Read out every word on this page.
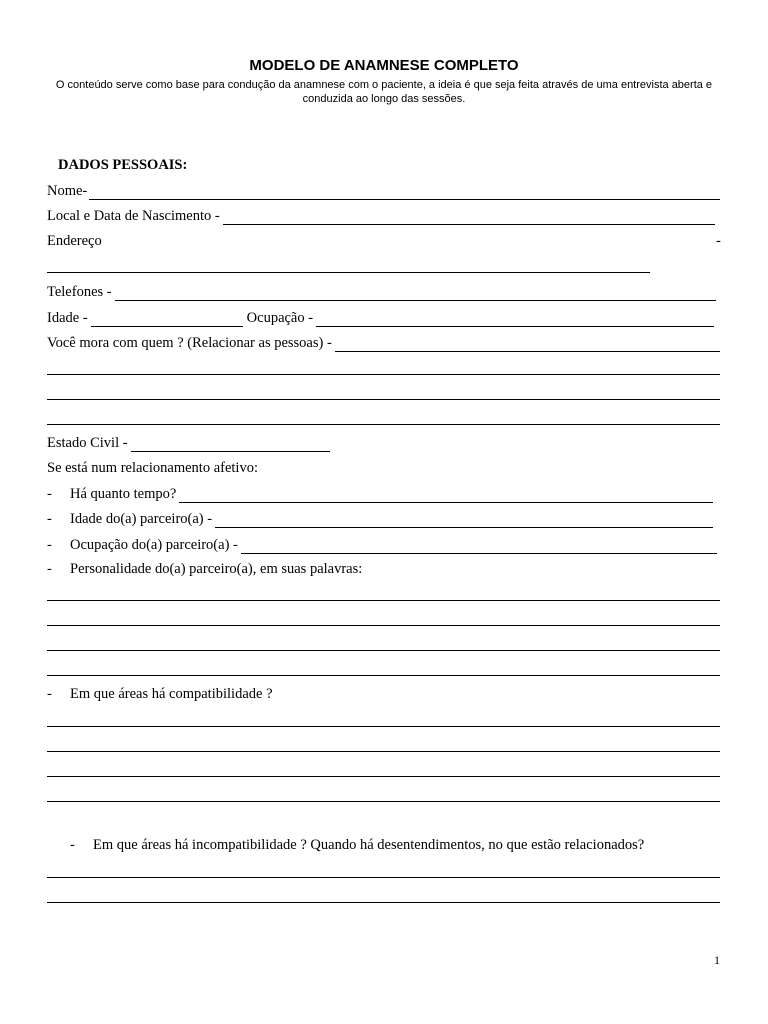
MODELO DE ANAMNESE COMPLETO
O conteúdo serve como base para condução da anamnese com o paciente, a ideia é que seja feita através de uma entrevista aberta e conduzida ao longo das sessões.
DADOS PESSOAIS:
Nome-
Local e Data de Nascimento -
Endereço	-
Telefones -
Idade -	Ocupação -
Você mora com quem ? (Relacionar as pessoas) -
Estado Civil -
Se está num relacionamento afetivo:
-	Há quanto tempo?
-	Idade do(a) parceiro(a) -
-	Ocupação do(a) parceiro(a) -
- Personalidade do(a) parceiro(a), em suas palavras:
- Em que áreas há compatibilidade ?
- Em que áreas há incompatibilidade ? Quando há desentendimentos, no que estão relacionados?
1
